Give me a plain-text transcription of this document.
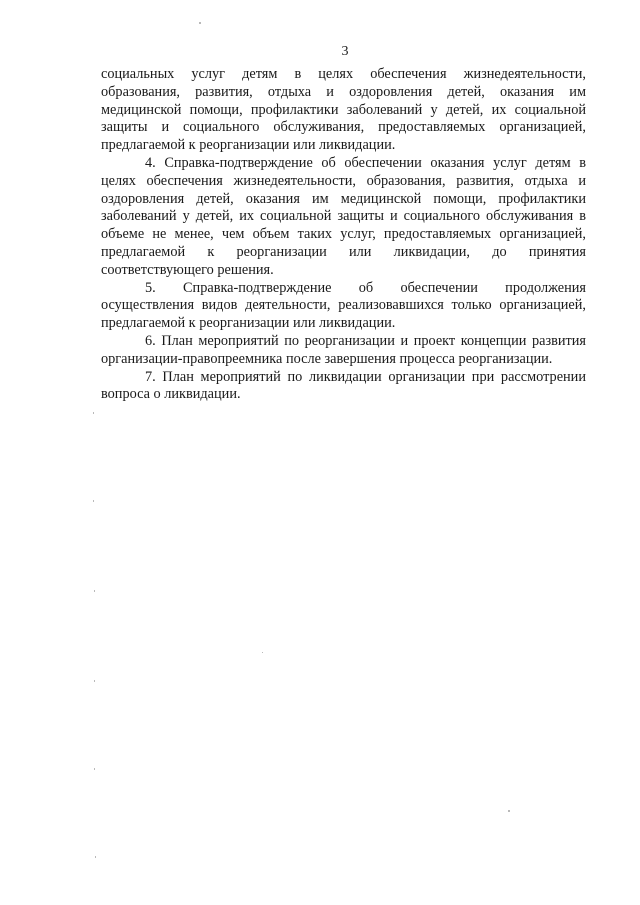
3

социальных услуг детям в целях обеспечения жизнедеятельности, образования, развития, отдыха и оздоровления детей, оказания им медицинской помощи, профилактики заболеваний у детей, их социальной защиты и социального обслуживания, предоставляемых организацией, предлагаемой к реорганизации или ликвидации.

4. Справка-подтверждение об обеспечении оказания услуг детям в целях обеспечения жизнедеятельности, образования, развития, отдыха и оздоровления детей, оказания им медицинской помощи, профилактики заболеваний у детей, их социальной защиты и социального обслуживания в объеме не менее, чем объем таких услуг, предоставляемых организацией, предлагаемой к реорганизации или ликвидации, до принятия соответствующего решения.

5. Справка-подтверждение об обеспечении продолжения осуществления видов деятельности, реализовавшихся только организацией, предлагаемой к реорганизации или ликвидации.

6. План мероприятий по реорганизации и проект концепции развития организации-правопреемника после завершения процесса реорганизации.

7. План мероприятий по ликвидации организации при рассмотрении вопроса о ликвидации.
